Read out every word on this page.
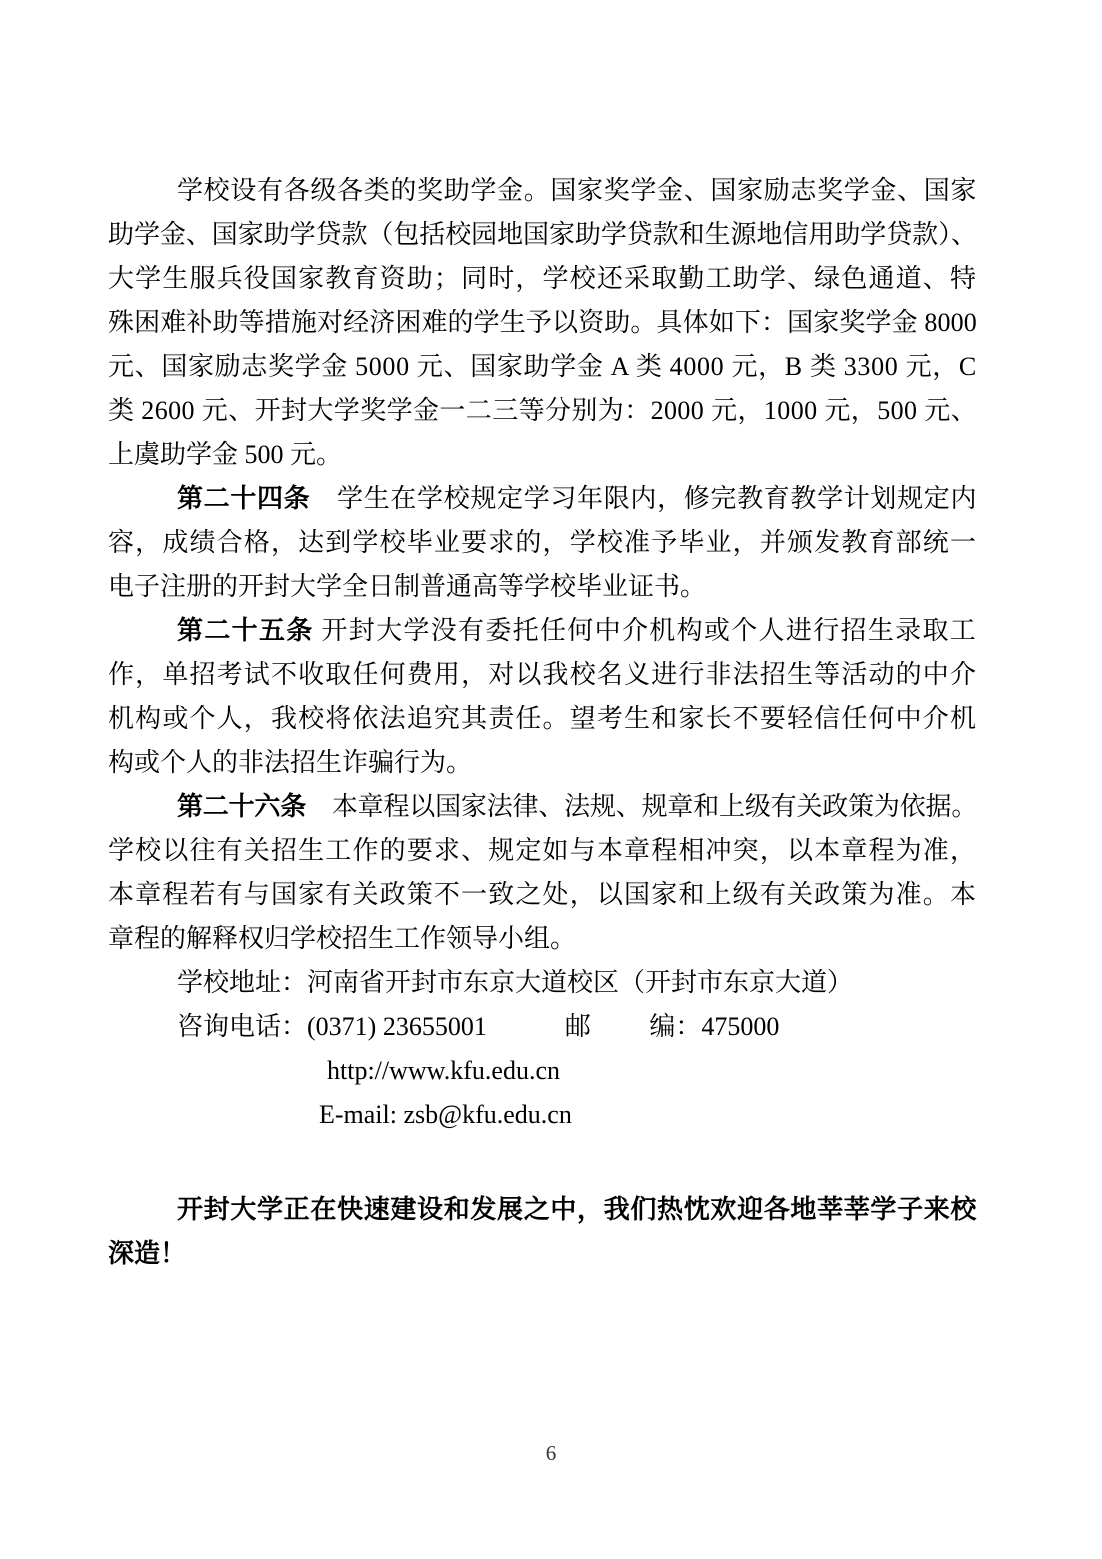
学校设有各级各类的奖助学金。国家奖学金、国家励志奖学金、国家
助学金、国家助学贷款（包括校园地国家助学贷款和生源地信用助学贷款）、
大学生服兵役国家教育资助；同时，学校还采取勤工助学、绿色通道、特
殊困难补助等措施对经济困难的学生予以资助。具体如下：国家奖学金 8000
元、国家励志奖学金 5000 元、国家助学金 A 类 4000 元，B 类 3300 元，C
类 2600 元、开封大学奖学金一二三等分别为：2000 元，1000 元，500 元、
上虞助学金 500 元。
第二十四条　学生在学校规定学习年限内，修完教育教学计划规定内
容，成绩合格，达到学校毕业要求的，学校准予毕业，并颁发教育部统一
电子注册的开封大学全日制普通高等学校毕业证书。
第二十五条 开封大学没有委托任何中介机构或个人进行招生录取工
作，单招考试不收取任何费用，对以我校名义进行非法招生等活动的中介
机构或个人，我校将依法追究其责任。望考生和家长不要轻信任何中介机
构或个人的非法招生诈骗行为。
第二十六条　本章程以国家法律、法规、规章和上级有关政策为依据。
学校以往有关招生工作的要求、规定如与本章程相冲突，以本章程为准，
本章程若有与国家有关政策不一致之处，以国家和上级有关政策为准。本
章程的解释权归学校招生工作领导小组。
学校地址：河南省开封市东京大道校区（开封市东京大道）
咨询电话：(0371) 23655001　　　邮　　 编：475000
http://www.kfu.edu.cn
E-mail: zsb@kfu.edu.cn
开封大学正在快速建设和发展之中，我们热忱欢迎各地莘莘学子来校
深造！
6
